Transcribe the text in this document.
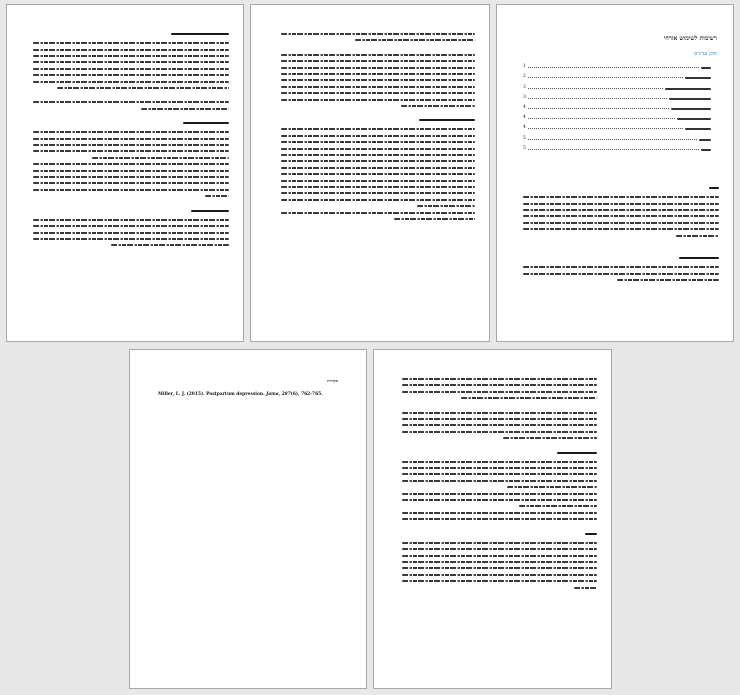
רשימות לשימוש אזרחי
תוכן עניינים
1
2
3
3
4
4
4
5
5
מקורות
Miller, L. J. (2015). Postpartum depression. Jama, 287(6), 762-765.
